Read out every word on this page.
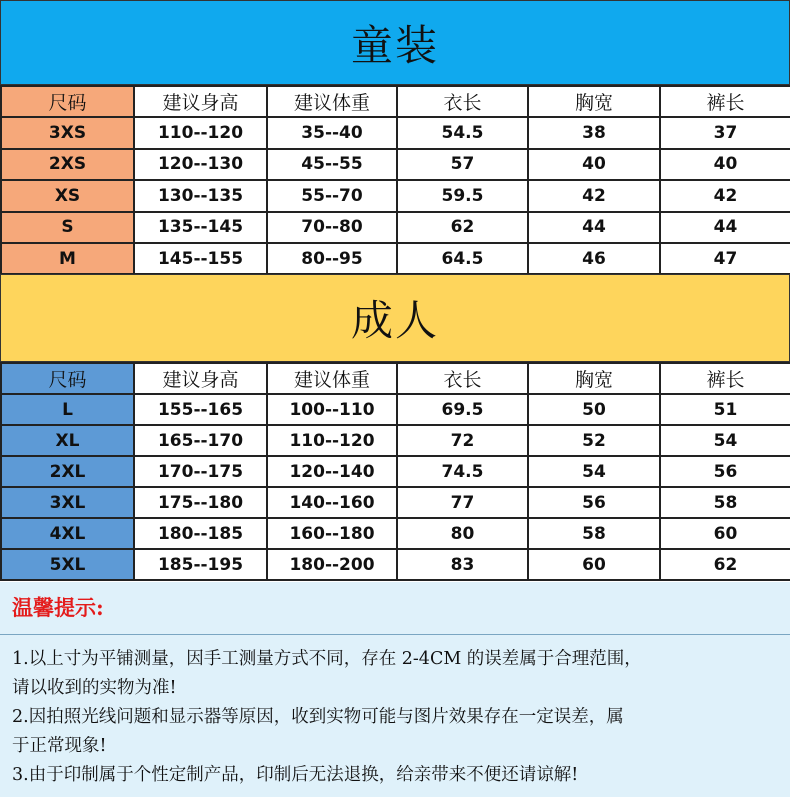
童装
尺码	建议身高	建议体重	衣长	胸宽	裤长
3XS	110--120	35--40	54.5	38	37
2XS	120--130	45--55	57	40	40
XS	130--135	55--70	59.5	42	42
S	135--145	70--80	62	44	44
M	145--155	80--95	64.5	46	47
成人
尺码	建议身高	建议体重	衣长	胸宽	裤长
L	155--165	100--110	69.5	50	51
XL	165--170	110--120	72	52	54
2XL	170--175	120--140	74.5	54	56
3XL	175--180	140--160	77	56	58
4XL	180--185	160--180	80	58	60
5XL	185--195	180--200	83	60	62
温馨提示:
1.以上寸为平铺测量，因手工测量方式不同，存在 2-4CM 的误差属于合理范围，
请以收到的实物为准!
2.因拍照光线问题和显示器等原因，收到实物可能与图片效果存在一定误差，属
于正常现象!
3.由于印制属于个性定制产品，印制后无法退换，给亲带来不便还请谅解!
